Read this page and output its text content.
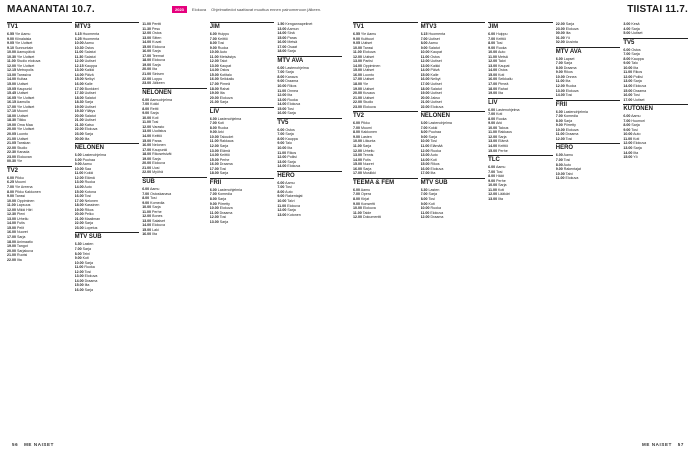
MAANANTAI 10.7.	2023	Elokuva Ohjelmatiedot saattavat muuttua ennen painomenoon jälkeen.	TIISTAI 11.7.
TV1
6.55 Yle Aamu
9.00 Kiinalaisia
9.05 Yle Uutiset
9.10 Sunnuntain
10.00 Aamupäivä
10.30 Yle Uutiset
11.00 Studio elokuva
12.00 Yle Uutiset
12.15 Metropolis
13.00 Tanssiva
14.00 Kultaa
15.00 Uutiset
15.05 Kaupunki
15.45 Uutiset
16.05 Yle Uutiset
16.15 Aamulla
17.00 Yle Uutiset
17.10 Muumi
18.00 Uutiset
18.30 Tilkku
19.00 Oma Maa
20.00 Yle Uutiset
20.05 Luonto
21.00 Uutiset
21.05 Tanskan
22.00 Studio
22.30 Kanada
23.00 Elokuvan
00.30 Yle
TV2
6.00 Pikku
6.25 Muumi
7.00 Yle Areena
8.00 Pikku Kakkonen
9.00 Tanssi
10.00 Oppiminen
11.00 Lapsuus
12.00 Mikki Hiiri
12.30 Pieni
13.00 Urheilu
14.00 Futis
15.00 Pelit
16.00 Nuoret
17.00 Sarja
18.00 Animaatio
19.00 Tangot
20.00 Sarjakuva
21.00 Ruotsi
22.00 Ilta
MTV3
6.15 Huomenta
6.25 Huomenta
10.00 Aamu
10.30 Ostos
11.00 Salatut
11.30 Salatut
12.00 Uutiset
12.15 Kauppa
13.00 Kaikki
14.00 Päivä
15.00 Nelkyt
16.00 Kalle
17.00 Bunkkeri
17.30 Uutiset
18.00 Salatut
18.30 Sarja
19.00 Uutiset
19.30 Yllätys
20.00 Salatut
21.00 Uutiset
21.30 Katso
22.00 Elokuva
23.00 Sarja
00.00 Ilta
NELONEN
6.00 Lastenohjelma
6.00 Puuhaa
9.00 Aamu
10.00 Saa
11.00 Kokki
12.00 Elämä
13.00 Ruoka
14.00 Auto
15.00 Kotona
16.00 Tosi
17.00 Nelonen
18.00 Kassinen
19.00 Rikos
20.00 Pelko
21.00 Maailman
22.00 Sarja
23.00 Lopetus
MTV SUB
6.30 Lasten
7.00 Sarja
8.00 Teini
9.00 Koti
10.00 Sarja
11.00 Ruoka
12.00 Tosi
13.00 Elokuva
14.00 Draama
15.00 Ilta
16.00 Sarja
11.00 Pentti
11.30 Pesu
12.00 Ostos
13.00 Sitten
14.00 Kuvat
15.00 Elokuva
16.00 Sarja
17.00 Teemat
18.00 Elokuva
19.00 Sarja
20.00 Ilta
21.00 Sinisen
22.00 Loppu
23.00 Jälkeen
NELONEN
6.00 Aamuohjelma
7.00 Kokki
8.00 Reitti
9.00 Sarja
10.00 Koti
11.00 Tosi
12.00 Varasto
13.00 Uudistus
14.00 Keittiö
15.00 Paras
16.00 Nelonen
17.00 Kaupunki
18.00 Rikosetsivät
19.00 Sarja
20.00 Elokuva
21.00 Uusi
22.00 Myöhä
SUB
6.00 Aamu
7.00 Ostoskanava
8.00 Tosi
9.00 Komedia
10.00 Sarja
11.00 Perhe
12.00 Bones
13.00 Salaiset
14.00 Elokuva
15.00 Laki
16.00 Ilta
JIM
6.00 Huippu
7.00 Keittiö
8.00 Tosi
9.00 Ruoka
10.00 Auto
11.00 Metsästys
12.00 Talot
13.00 Kaupat
14.00 Ostos
15.00 Kotitalo
16.00 Seikkailu
17.00 Pimeä
18.00 Rahat
19.00 Ilta
20.00 Elokuva
21.00 Sarja
LIV
6.00 Lastenohjelma
7.00 Koti
8.00 Ruoka
9.00 Arki
10.00 Taloudet
11.00 Rakkaus
12.00 Sarja
13.00 Elämä
14.00 Keittiö
15.00 Perhe
16.00 Draama
17.00 Tosi
18.00 Sarja
FRII
6.00 Lastenohjelmia
7.00 Komedia
8.00 Sarja
9.00 Piirretty
10.00 Elokuva
11.00 Draama
12.00 Tosi
13.00 Sarja
1.50 Kengannapelinet
13.00 Aamun
14.00 Sinä
15.00 Paras
16.00 Metsä
17.00 Osaat
18.00 Sarja
MTV AVA
6.00 Lastenohjelma
7.00 Sarja
8.00 Kanava
9.00 Draama
10.00 Rikos
11.00 Onnea
12.00 Ilta
13.00 Ruoka
14.00 Elokuva
15.00 Tosi
16.00 Sarja
TV5
6.00 Ostos
7.00 Sarja
8.00 Kauppa
9.00 Talo
10.00 Ilta
11.00 Rikos
12.00 Poliisi
13.00 Sarja
14.00 Elokuva
HERO
6.00 Aamu
7.00 Tosi
8.00 Auto
9.00 Rakentajat
10.00 Talvi
11.00 Elokuva
12.00 Sarja
13.00 Kutonen
TV1
6.55 Yle Aamu
9.00 Kulttuuri
9.05 Uutiset
10.00 Tanssi
11.00 Elokuva
12.00 Uutiset
13.00 Pariisi
14.00 Oppiminen
15.00 Uutiset
16.00 Luonto
17.00 Uutiset
18.00 Yle
19.00 Uutiset
20.00 Kuvaus
21.00 Uutiset
22.00 Studio
23.00 Elokuva
TV2
6.00 Pikku
7.00 Muumi
8.00 Kakkonen
9.00 Lasten
10.00 Liikunta
11.00 Sarja
12.00 Urheilu
13.00 Tennis
14.00 Futis
15.00 Nuoret
16.00 Sarja
17.00 Musiikki
TEEMA & FEM
6.00 Aamu
7.00 Opera
8.00 Kirjat
9.00 Konsertti
10.00 Elokuva
11.00 Taide
12.00 Dokumentti
MTV3
6.15 Huomenta
7.00 Uutiset
8.00 Aamu
9.00 Salatut
10.00 Kaupat
11.00 Ostos
12.00 Uutiset
13.00 Kaikki
14.00 Päivä
15.00 Kalle
16.00 Nelkyt
17.00 Uutiset
18.00 Salatut
19.00 Uutiset
20.00 Jakso
21.00 Uutiset
22.00 Elokuva
NELONEN
6.00 Lastenohjelma
7.00 Kokki
8.00 Puuhaa
9.00 Sarja
10.00 Tosi
11.00 Elämää
12.00 Ruoka
13.00 Auto
14.00 Koti
15.00 Rikos
16.00 Elokuva
17.00 Ilta
MTV SUB
6.30 Lasten
7.00 Sarja
8.00 Tosi
9.00 Koti
10.00 Ruoka
11.00 Elokuva
12.00 Draama
JIM
6.00 Huippu
7.00 Keittiö
8.00 Tosi
9.00 Ruoka
10.00 Auto
11.00 Metsä
12.00 Talot
13.00 Kaupat
14.00 Ostos
15.00 Koti
16.00 Seikkailu
17.00 Pimeä
18.00 Rahat
19.00 Ilta
LIV
6.00 Lastenohjelma
7.00 Koti
8.00 Ruoka
9.00 Arki
10.00 Talous
11.00 Rakkaus
12.00 Sarja
13.00 Elämä
14.00 Keittiö
15.00 Perhe
TLC
6.00 Aamu
7.00 Tosi
8.00 Häät
9.00 Perhe
10.00 Sarja
11.00 Koti
12.00 Lääkäri
13.00 Ilta
22.00 Sarja
23.00 Elokuva
00.00 Ilta
01.00 Yö
02.00 Uusinta
MTV AVA
6.00 Lapset
7.00 Sarja
8.00 Draama
9.00 Rikos
10.00 Onnea
11.00 Ilta
12.00 Ruoka
13.00 Elokuva
14.00 Tosi
FRII
6.00 Lastenohjelmia
7.00 Komedia
8.00 Sarja
9.00 Piirretty
10.00 Elokuva
11.00 Draama
12.00 Tosi
HERO
6.00 Aamu
7.00 Tosi
8.00 Auto
9.00 Rakentajat
10.00 Talvi
11.00 Elokuva
3.00 Kesä
4.00 Sarja
5.00 Uutiset
TV5
6.00 Ostos
7.00 Sarja
8.00 Kauppa
9.00 Talo
10.00 Ilta
11.00 Rikos
12.00 Poliisi
13.00 Sarja
14.00 Elokuva
15.00 Draama
16.00 Tosi
17.00 Uutiset
KUTONEN
6.00 Aamu
7.00 Huumori
8.00 Sarja
9.00 Tosi
10.00 Auto
11.00 Koti
12.00 Elokuva
13.00 Sarja
14.00 Ilta
15.00 Yö
56 ME NAISET	ME NAISET 57
